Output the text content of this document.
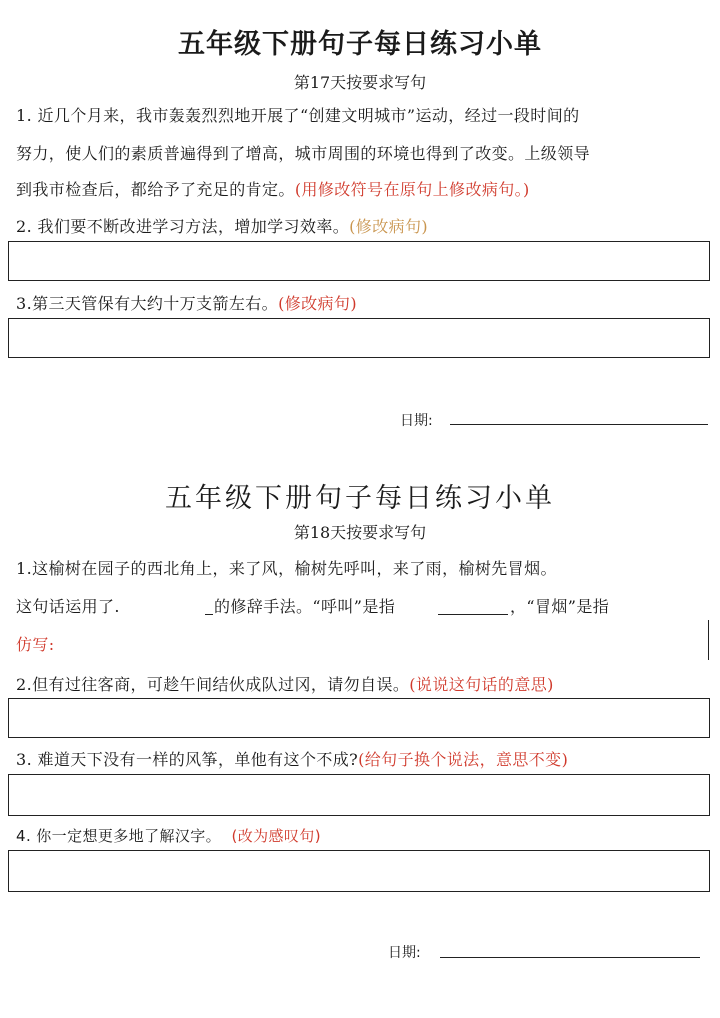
五年级下册句子每日练习小单
第17天按要求写句
1. 近几个月来，我市轰轰烈烈地开展了“创建文明城市”运动，经过一段时间的
努力，使人们的素质普遍得到了增高，城市周围的环境也得到了改变。上级领导
到我市检查后，都给予了充足的肯定。(用修改符号在原句上修改病句。)
2. 我们要不断改进学习方法，增加学习效率。(修改病句)
3.第三天管保有大约十万支箭左右。(修改病句)
日期:
五年级下册句子每日练习小单
第18天按要求写句
1.这榆树在园子的西北角上，来了风，榆树先呼叫，来了雨，榆树先冒烟。
这句话运用了.	的修辞手法。“呼叫”是指	，“冒烟”是指
仿写:
2.但有过往客商，可趁午间结伙成队过冈，请勿自误。(说说这句话的意思)
3. 难道天下没有一样的风筝，单他有这个不成?(给句子换个说法，意思不变)
4. 你一定想更多地了解汉字。 (改为感叹句)
日期:
